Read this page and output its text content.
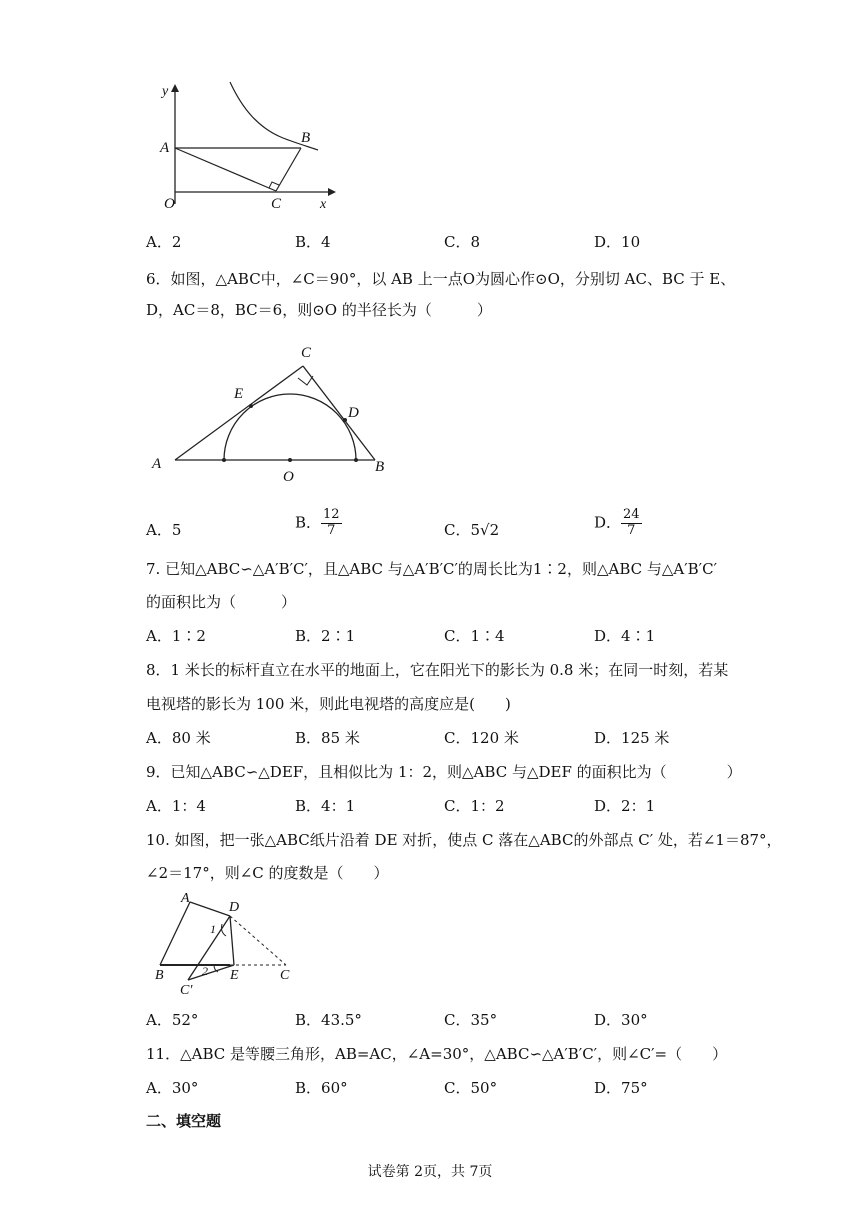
y
A
B
O	C	x
A．2	B．4	C．8	D．10
6．如图，△ABC中，∠C＝90°，以 AB 上一点O为圆心作⊙O，分别切 AC、BC 于 E、
D，AC＝8，BC＝6，则⊙O 的半径长为（　　　）
C
E
D
A
O
B
A．5	B． $\frac{12}{7}$	C．5√2	D． $\frac{24}{7}$
7. 已知△ABC∽△A′B′C′，且△ABC 与△A′B′C′的周长比为1∶2，则△ABC 与△A′B′C′
的面积比为（　　　）
A．1∶2	B．2∶1	C．1∶4	D．4∶1
8．1 米长的标杆直立在水平的地面上，它在阳光下的影长为 0.8 米；在同一时刻，若某
电视塔的影长为 100 米，则此电视塔的高度应是(　　)
A．80 米	B．85 米	C．120 米	D．125 米
9．已知△ABC∽△DEF，且相似比为 1：2，则△ABC 与△DEF 的面积比为（　　　　）
A．1：4	B．4：1	C．1：2	D．2：1
10. 如图，把一张△ABC纸片沿着 DE 对折，使点 C 落在△ABC的外部点 C′ 处，若∠1＝87°，
∠2＝17°，则∠C 的度数是（　　）
A
D
1
B	2 E	C
C′
A．52°	B．43.5°	C．35°	D．30°
11．△ABC 是等腰三角形，AB=AC，∠A=30°，△ABC∽△A′B′C′，则∠C′=（　　）
A．30°	B．60°	C．50°	D．75°
二、填空题
试卷第 2页，共 7页
